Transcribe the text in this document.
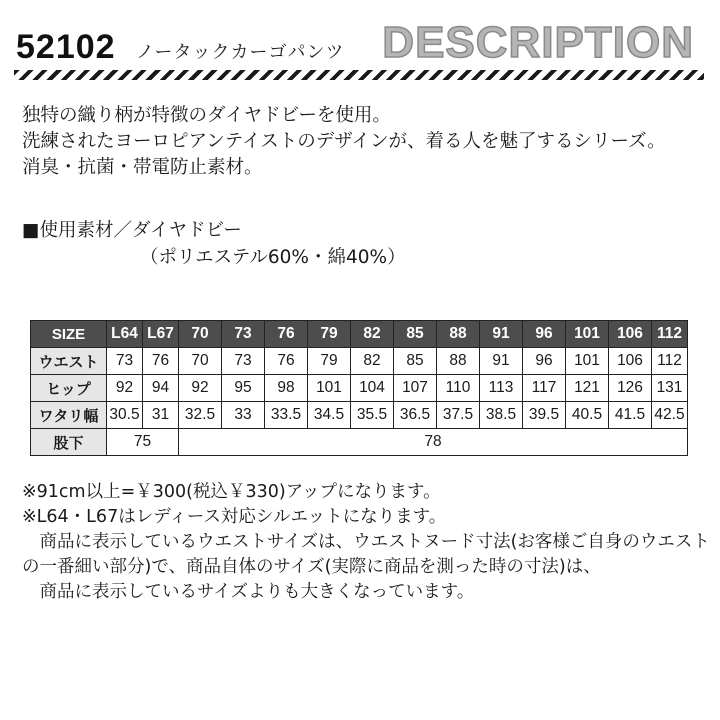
52102 ノータックカーゴパンツ DESCRIPTION
独特の織り柄が特徴のダイヤドビーを使用。
洗練されたヨーロピアンテイストのデザインが、着る人を魅了するシリーズ。
消臭・抗菌・帯電防止素材。
■使用素材／ダイヤドビー
（ポリエステル60%・綿40%）
SIZE	L64	L67	70	73	76	79	82	85	88	91	96	101	106	112
ウエスト	73	76	70	73	76	79	82	85	88	91	96	101	106	112
ヒップ	92	94	92	95	98	101	104	107	110	113	117	121	126	131
ワタリ幅	30.5	31	32.5	33	33.5	34.5	35.5	36.5	37.5	38.5	39.5	40.5	41.5	42.5
股下	75		78											
※91cm以上=￥300(税込￥330)アップになります。
※L64・L67はレディース対応シルエットになります。
　商品に表示しているウエストサイズは、ウエストヌード寸法(お客様ご自身のウエスト
の一番細い部分)で、商品自体のサイズ(実際に商品を測った時の寸法)は、
　商品に表示しているサイズよりも大きくなっています。
